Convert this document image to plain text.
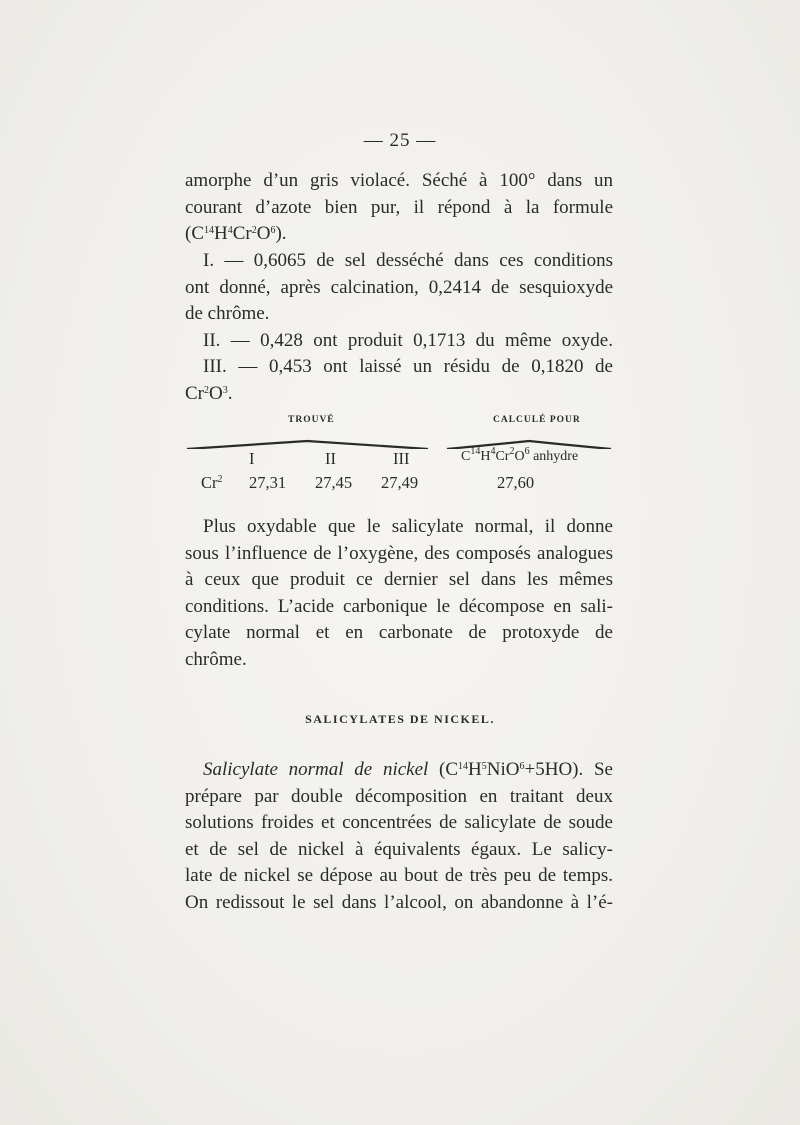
— 25 —
amorphe d’un gris violacé. Séché à 100° dans un
courant d’azote bien pur, il répond à la formule
$(C^{14}H^4Cr^2O^6)$.
I. — 0,6065 de sel desséché dans ces conditions
ont donné, après calcination, 0,2414 de sesquioxyde
de chrôme.
II. — 0,428 ont produit 0,1713 du même oxyde.
III. — 0,453 ont laissé un résidu de 0,1820 de
$Cr^2O^3$.
TROUVÉ	CALCULÉ POUR
I	II	III	$C^{14}H^4Cr^2O^6$ anhydre
Cr$^2$ 27,31 27,45 27,49	27,60
Plus oxydable que le salicylate normal, il donne
sous l’influence de l’oxygène, des composés analogues
à ceux que produit ce dernier sel dans les mêmes
conditions. L’acide carbonique le décompose en sali-
cylate normal et en carbonate de protoxyde de
chrôme.
SALICYLATES DE NICKEL.
Salicylate normal de nickel $(C^{14}H^5NiO^6+5HO)$. Se
prépare par double décomposition en traitant deux
solutions froides et concentrées de salicylate de soude
et de sel de nickel à équivalents égaux. Le salicy-
late de nickel se dépose au bout de très peu de temps.
On redissout le sel dans l’alcool, on abandonne à l’é-
